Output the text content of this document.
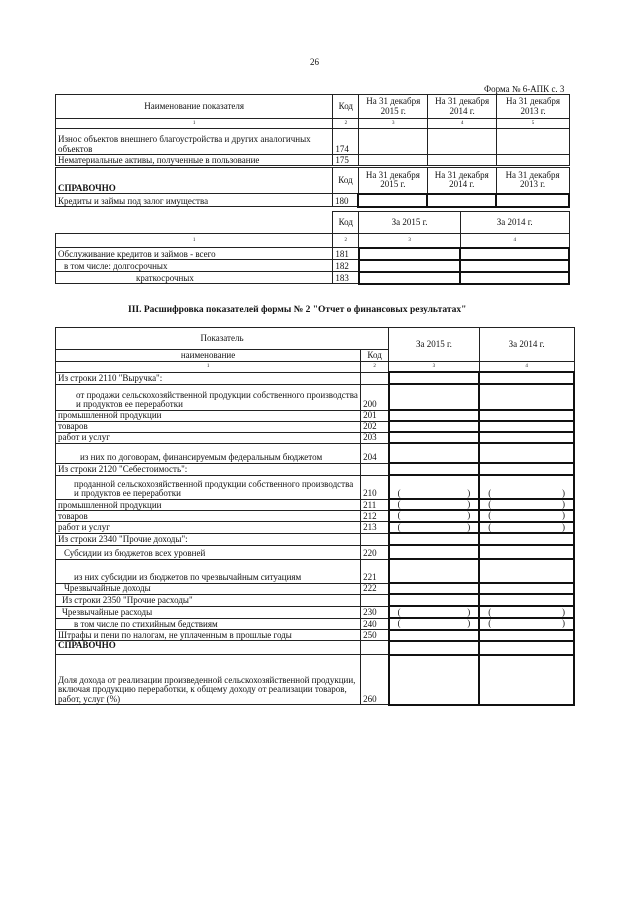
26
Форма № 6-АПК с. 3
Наименование показателя	Код	На 31 декабря 2015 г.	На 31 декабря 2014 г.	На 31 декабря 2013 г.
1	2	3	4	5
Износ объектов внешнего благоустройства и других аналогичных объектов	174			
Нематериальные активы, полученные в пользование	175			
СПРАВОЧНО	Код	На 31 декабря 2015 г.	На 31 декабря 2014 г.	На 31 декабря 2013 г.
Кредиты и займы под залог имущества	180			
	Код	За 2015 г.	За 2014 г.
1	2	3	4
Обслуживание кредитов и займов - всего	181		
в том числе: долгосрочных	182		
краткосрочных	183		
III. Расшифровка показателей формы № 2 "Отчет о финансовых результатах"
Показатель		За 2015 г.	За 2014 г.
наименование	Код		
1	2	3	4
Из строки 2110 "Выручка":			
от продажи сельскохозяйственной продукции собственного производства и продуктов ее переработки	200		
промышленной продукции	201		
товаров	202		
работ и услуг	203		
из них по договорам, финансируемым федеральным бюджетом	204		
Из строки 2120 "Себестоимость":			
проданной сельскохозяйственной продукции собственного производства и продуктов ее переработки	210	( )	( )

промышленной продукции	211	( )	( )

товаров	212	( )	( )

работ и услуг	213	( )	( )

Из строки 2340 "Прочие доходы":			
Субсидии из бюджетов всех уровней	220		
из них субсидии из бюджетов по чрезвычайным ситуациям	221		
Чрезвычайные доходы	222		
Из строки 2350 "Прочие расходы"			
Чрезвычайные расходы	230	( )	( )

в том числе по стихийным бедствиям	240	( )	( )

Штрафы и пени по налогам, не уплаченным в прошлые годы	250		
СПРАВОЧНО			
Доля дохода от реализации произведенной сельскохозяйственной продукции, включая продукцию переработки, к общему доходу от реализации товаров, работ, услуг (%)	260		
